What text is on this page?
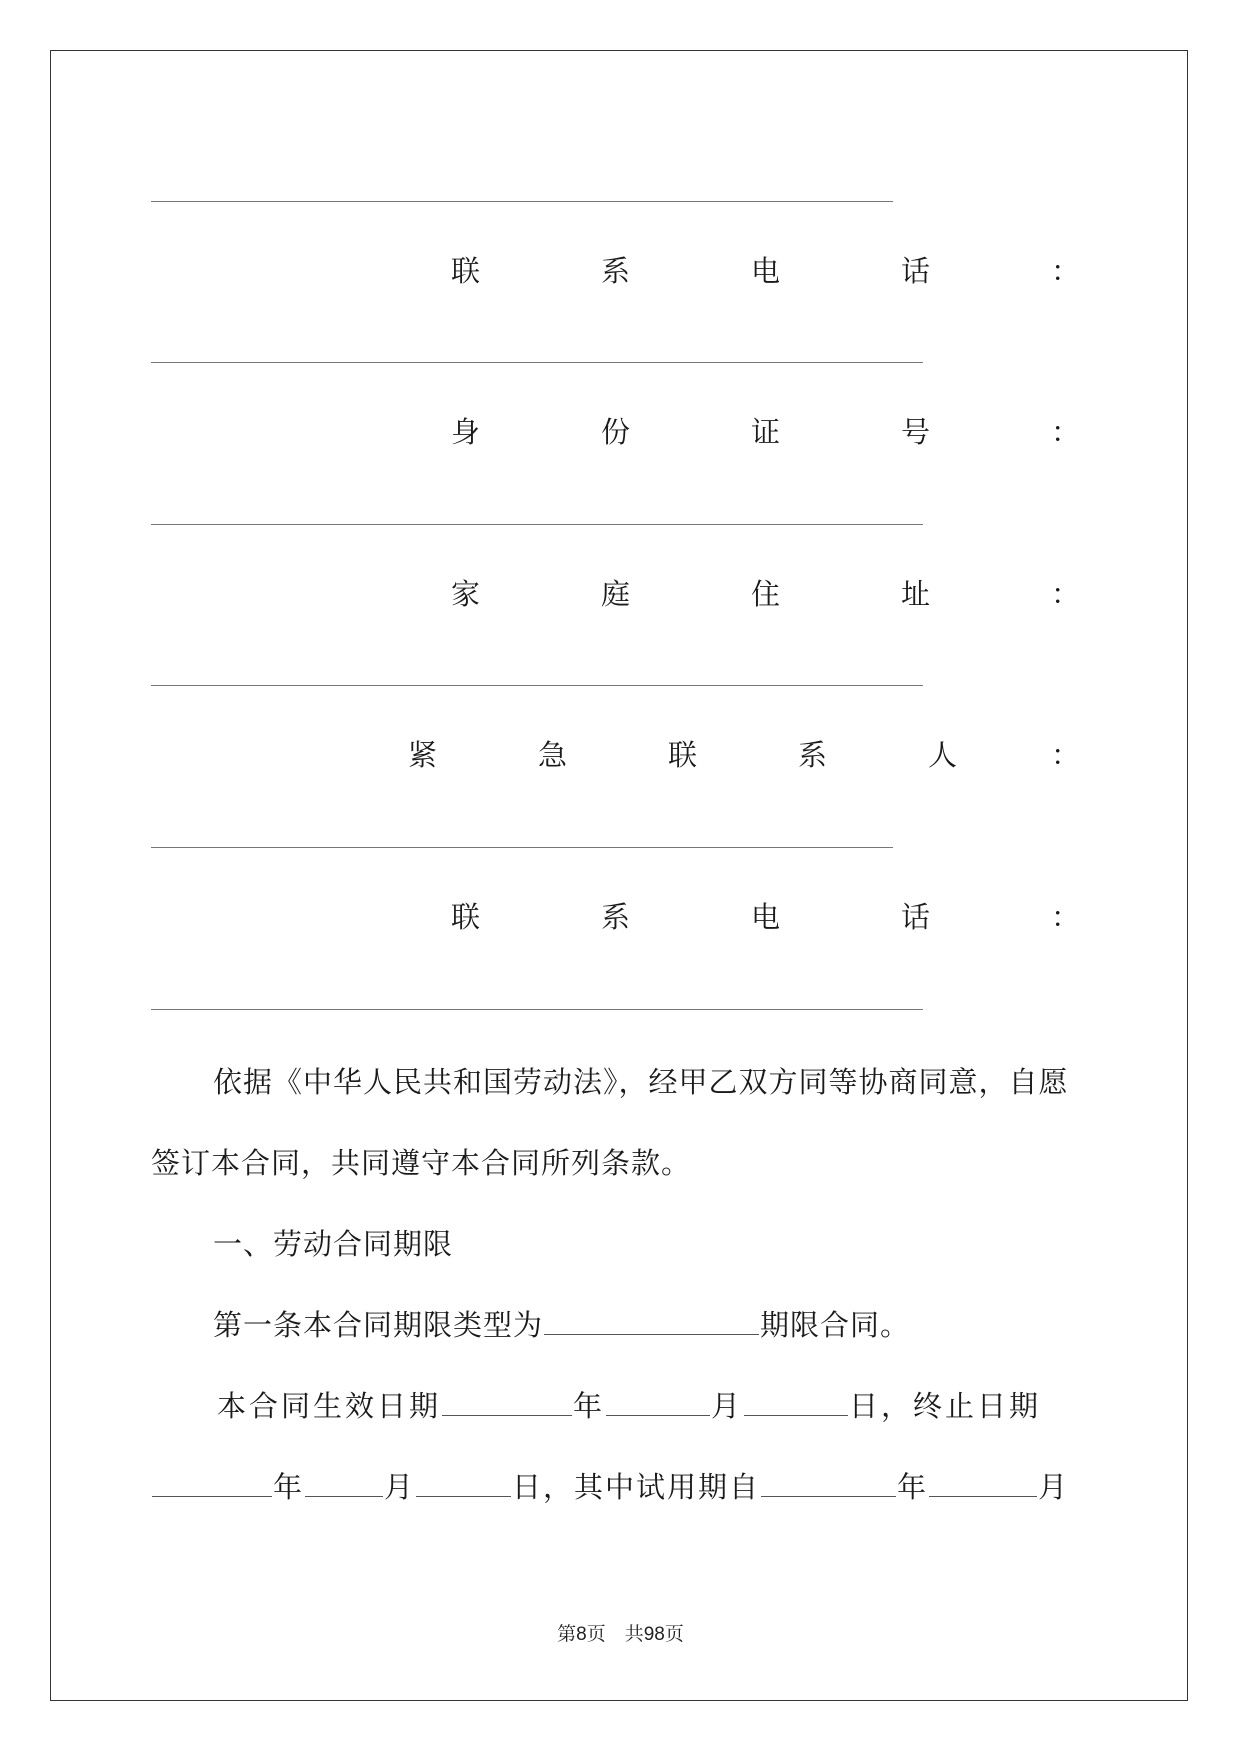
联	系	电	话	：
身	份	证	号	：
家	庭	住	址	：
紧	急	联	系	人	：
联	系	电	话	：
依据《中华人民共和国劳动法》，经甲乙双方同等协商同意，自愿
签订本合同，共同遵守本合同所列条款。
一、劳动合同期限
第一条本合同期限类型为	期限合同。
本合同生效日期	年	月	日，终止日期
年	月	日，其中试用期自	年	月
第8页　共98页
